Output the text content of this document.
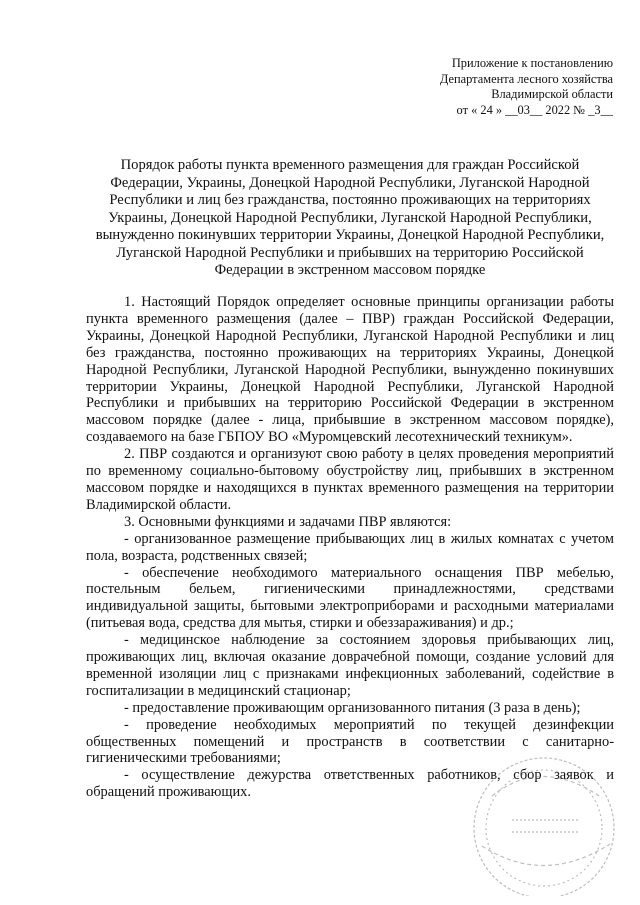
Приложение к постановлению
Департамента лесного хозяйства
Владимирской области
от « 24 » __03__ 2022 № _3__
Порядок работы пункта временного размещения для граждан Российской Федерации, Украины, Донецкой Народной Республики, Луганской Народной Республики и лиц без гражданства, постоянно проживающих на территориях Украины, Донецкой Народной Республики, Луганской Народной Республики, вынужденно покинувших территории Украины, Донецкой Народной Республики, Луганской Народной Республики и прибывших на территорию Российской Федерации в экстренном массовом порядке

1. Настоящий Порядок определяет основные принципы организации работы пункта временного размещения (далее – ПВР) граждан Российской Федерации, Украины, Донецкой Народной Республики, Луганской Народной Республики и лиц без гражданства, постоянно проживающих на территориях Украины, Донецкой Народной Республики, Луганской Народной Республики, вынужденно покинувших территории Украины, Донецкой Народной Республики, Луганской Народной Республики и прибывших на территорию Российской Федерации в экстренном массовом порядке (далее - лица, прибывшие в экстренном массовом порядке), создаваемого на базе ГБПОУ ВО «Муромцевский лесотехнический техникум».

2. ПВР создаются и организуют свою работу в целях проведения мероприятий по временному социально-бытовому обустройству лиц, прибывших в экстренном массовом порядке и находящихся в пунктах временного размещения на территории Владимирской области.

3. Основными функциями и задачами ПВР являются:

- организованное размещение прибывающих лиц в жилых комнатах с учетом пола, возраста, родственных связей;

- обеспечение необходимого материального оснащения ПВР мебелью, постельным бельем, гигиеническими принадлежностями, средствами индивидуальной защиты, бытовыми электроприборами и расходными материалами (питьевая вода, средства для мытья, стирки и обеззараживания) и др.;

- медицинское наблюдение за состоянием здоровья прибывающих лиц, проживающих лиц, включая оказание доврачебной помощи, создание условий для временной изоляции лиц с признаками инфекционных заболеваний, содействие в госпитализации в медицинский стационар;

- предоставление проживающим организованного питания (3 раза в день);

- проведение необходимых мероприятий по текущей дезинфекции общественных помещений и пространств в соответствии с санитарно-гигиеническими требованиями;

- осуществление дежурства ответственных работников, сбор заявок и обращений проживающих.
